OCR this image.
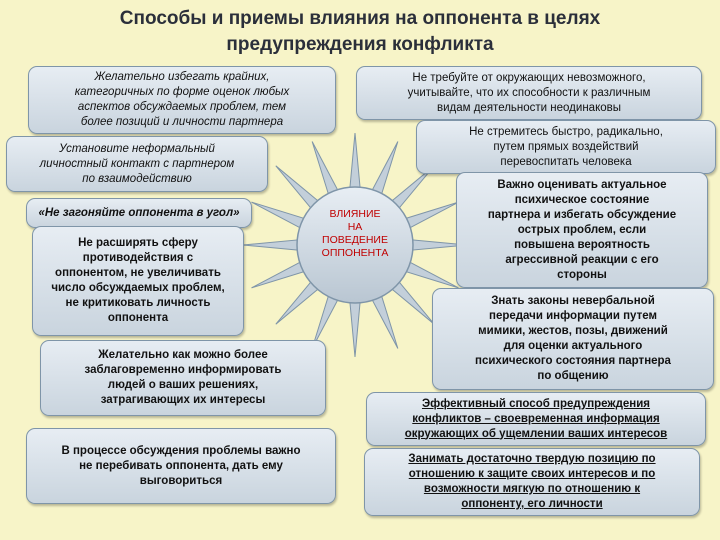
Способы и приемы влияния на оппонента в целях
предупреждения конфликта
ВЛИЯНИЕ
НА
ПОВЕДЕНИЕ
ОППОНЕНТА
Желательно избегать крайних,
категоричных по форме оценок любых
аспектов обсуждаемых проблем, тем
более позиций и личности партнера
Установите неформальный
личностный контакт с партнером
по взаимодействию
«Не загоняйте оппонента в угол»
Не расширять сферу
противодействия с
оппонентом, не увеличивать
число обсуждаемых проблем,
не критиковать личность
оппонента
Желательно как можно более
заблаговременно информировать
людей о ваших решениях,
затрагивающих их интересы
В процессе обсуждения проблемы важно
не перебивать оппонента, дать ему
выговориться
Не требуйте от окружающих невозможного,
учитывайте, что их способности к различным
видам деятельности неодинаковы
Не стремитесь быстро, радикально,
путем прямых воздействий
перевоспитать человека
Важно оценивать актуальное
психическое состояние
партнера и избегать обсуждение
острых проблем, если
повышена вероятность
агрессивной реакции с его
стороны
Знать законы невербальной
передачи информации путем
мимики, жестов, позы, движений
для оценки актуального
психического состояния партнера
по общению
Эффективный способ предупреждения
конфликтов – своевременная информация
окружающих об ущемлении ваших интересов
Занимать достаточно твердую позицию по
отношению к защите своих интересов и по
возможности мягкую по отношению к
оппоненту, его личности
